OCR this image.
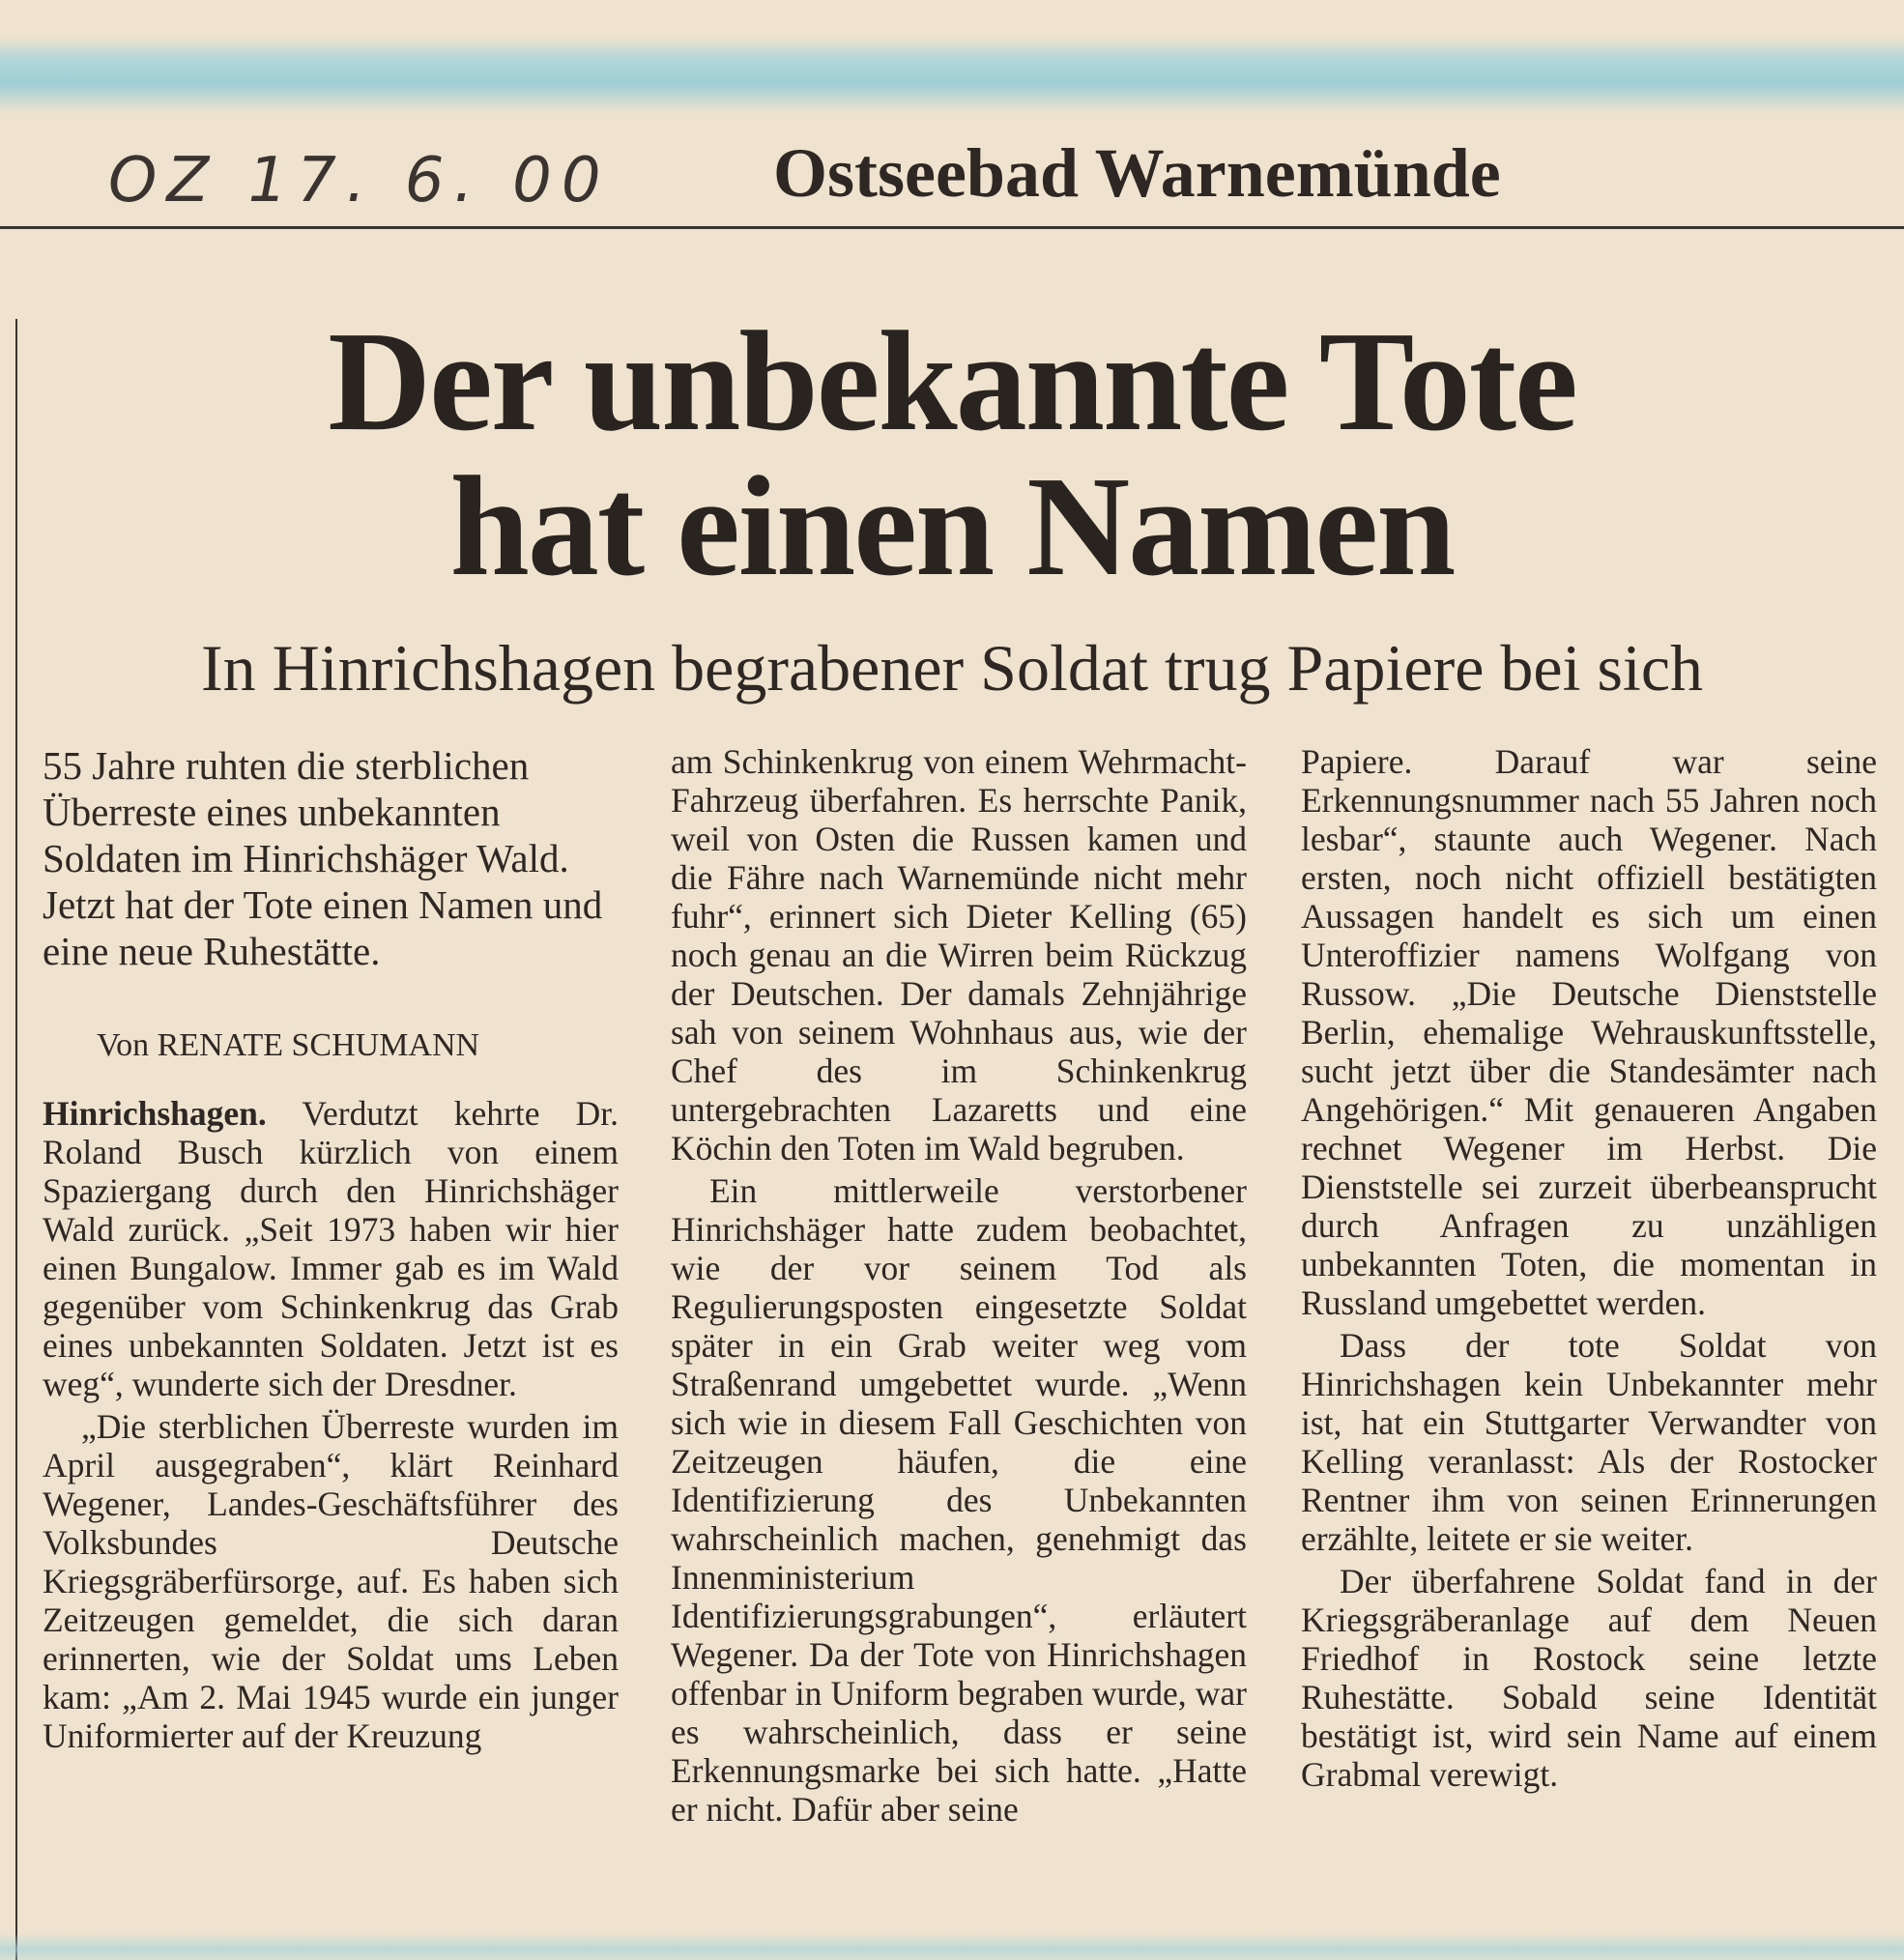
OZ 17. 6. 00 Ostseebad Warnemünde
Der unbekannte Tote
hat einen Namen
In Hinrichshagen begrabener Soldat trug Papiere bei sich
55 Jahre ruhten die sterblichen Überreste eines unbekannten Soldaten im Hinrichshäger Wald. Jetzt hat der Tote einen Namen und eine neue Ruhestätte.
Von RENATE SCHUMANN

Hinrichshagen. Verdutzt kehrte Dr. Roland Busch kürzlich von einem Spaziergang durch den Hinrichshäger Wald zurück. „Seit 1973 haben wir hier einen Bungalow. Immer gab es im Wald gegenüber vom Schinkenkrug das Grab eines unbekannten Soldaten. Jetzt ist es weg“, wunderte sich der Dresdner.

„Die sterblichen Überreste wurden im April ausgegraben“, klärt Reinhard Wegener, Landes-Geschäftsführer des Volksbundes Deutsche Kriegsgräberfürsorge, auf. Es haben sich Zeitzeugen gemeldet, die sich daran erinnerten, wie der Soldat ums Leben kam: „Am 2. Mai 1945 wurde ein junger Uniformierter auf der Kreuzung

am Schinkenkrug von einem Wehrmacht-Fahrzeug überfahren. Es herrschte Panik, weil von Osten die Russen kamen und die Fähre nach Warnemünde nicht mehr fuhr“, erinnert sich Dieter Kelling (65) noch genau an die Wirren beim Rückzug der Deutschen. Der damals Zehnjährige sah von seinem Wohnhaus aus, wie der Chef des im Schinkenkrug untergebrachten Lazaretts und eine Köchin den Toten im Wald begruben.

Ein mittlerweile verstorbener Hinrichshäger hatte zudem beobachtet, wie der vor seinem Tod als Regulierungsposten eingesetzte Soldat später in ein Grab weiter weg vom Straßenrand umgebettet wurde. „Wenn sich wie in diesem Fall Geschichten von Zeitzeugen häufen, die eine Identifizierung des Unbekannten wahrscheinlich machen, genehmigt das Innenministerium Identifizierungsgrabungen“, erläutert Wegener. Da der Tote von Hinrichshagen offenbar in Uniform begraben wurde, war es wahrscheinlich, dass er seine Erkennungsmarke bei sich hatte. „Hatte er nicht. Dafür aber seine

Papiere. Darauf war seine Erkennungsnummer nach 55 Jahren noch lesbar“, staunte auch Wegener. Nach ersten, noch nicht offiziell bestätigten Aussagen handelt es sich um einen Unteroffizier namens Wolfgang von Russow. „Die Deutsche Dienststelle Berlin, ehemalige Wehrauskunftsstelle, sucht jetzt über die Standesämter nach Angehörigen.“ Mit genaueren Angaben rechnet Wegener im Herbst. Die Dienststelle sei zurzeit überbeansprucht durch Anfragen zu unzähligen unbekannten Toten, die momentan in Russland umgebettet werden.

Dass der tote Soldat von Hinrichshagen kein Unbekannter mehr ist, hat ein Stuttgarter Verwandter von Kelling veranlasst: Als der Rostocker Rentner ihm von seinen Erinnerungen erzählte, leitete er sie weiter.

Der überfahrene Soldat fand in der Kriegsgräberanlage auf dem Neuen Friedhof in Rostock seine letzte Ruhestätte. Sobald seine Identität bestätigt ist, wird sein Name auf einem Grabmal verewigt.
